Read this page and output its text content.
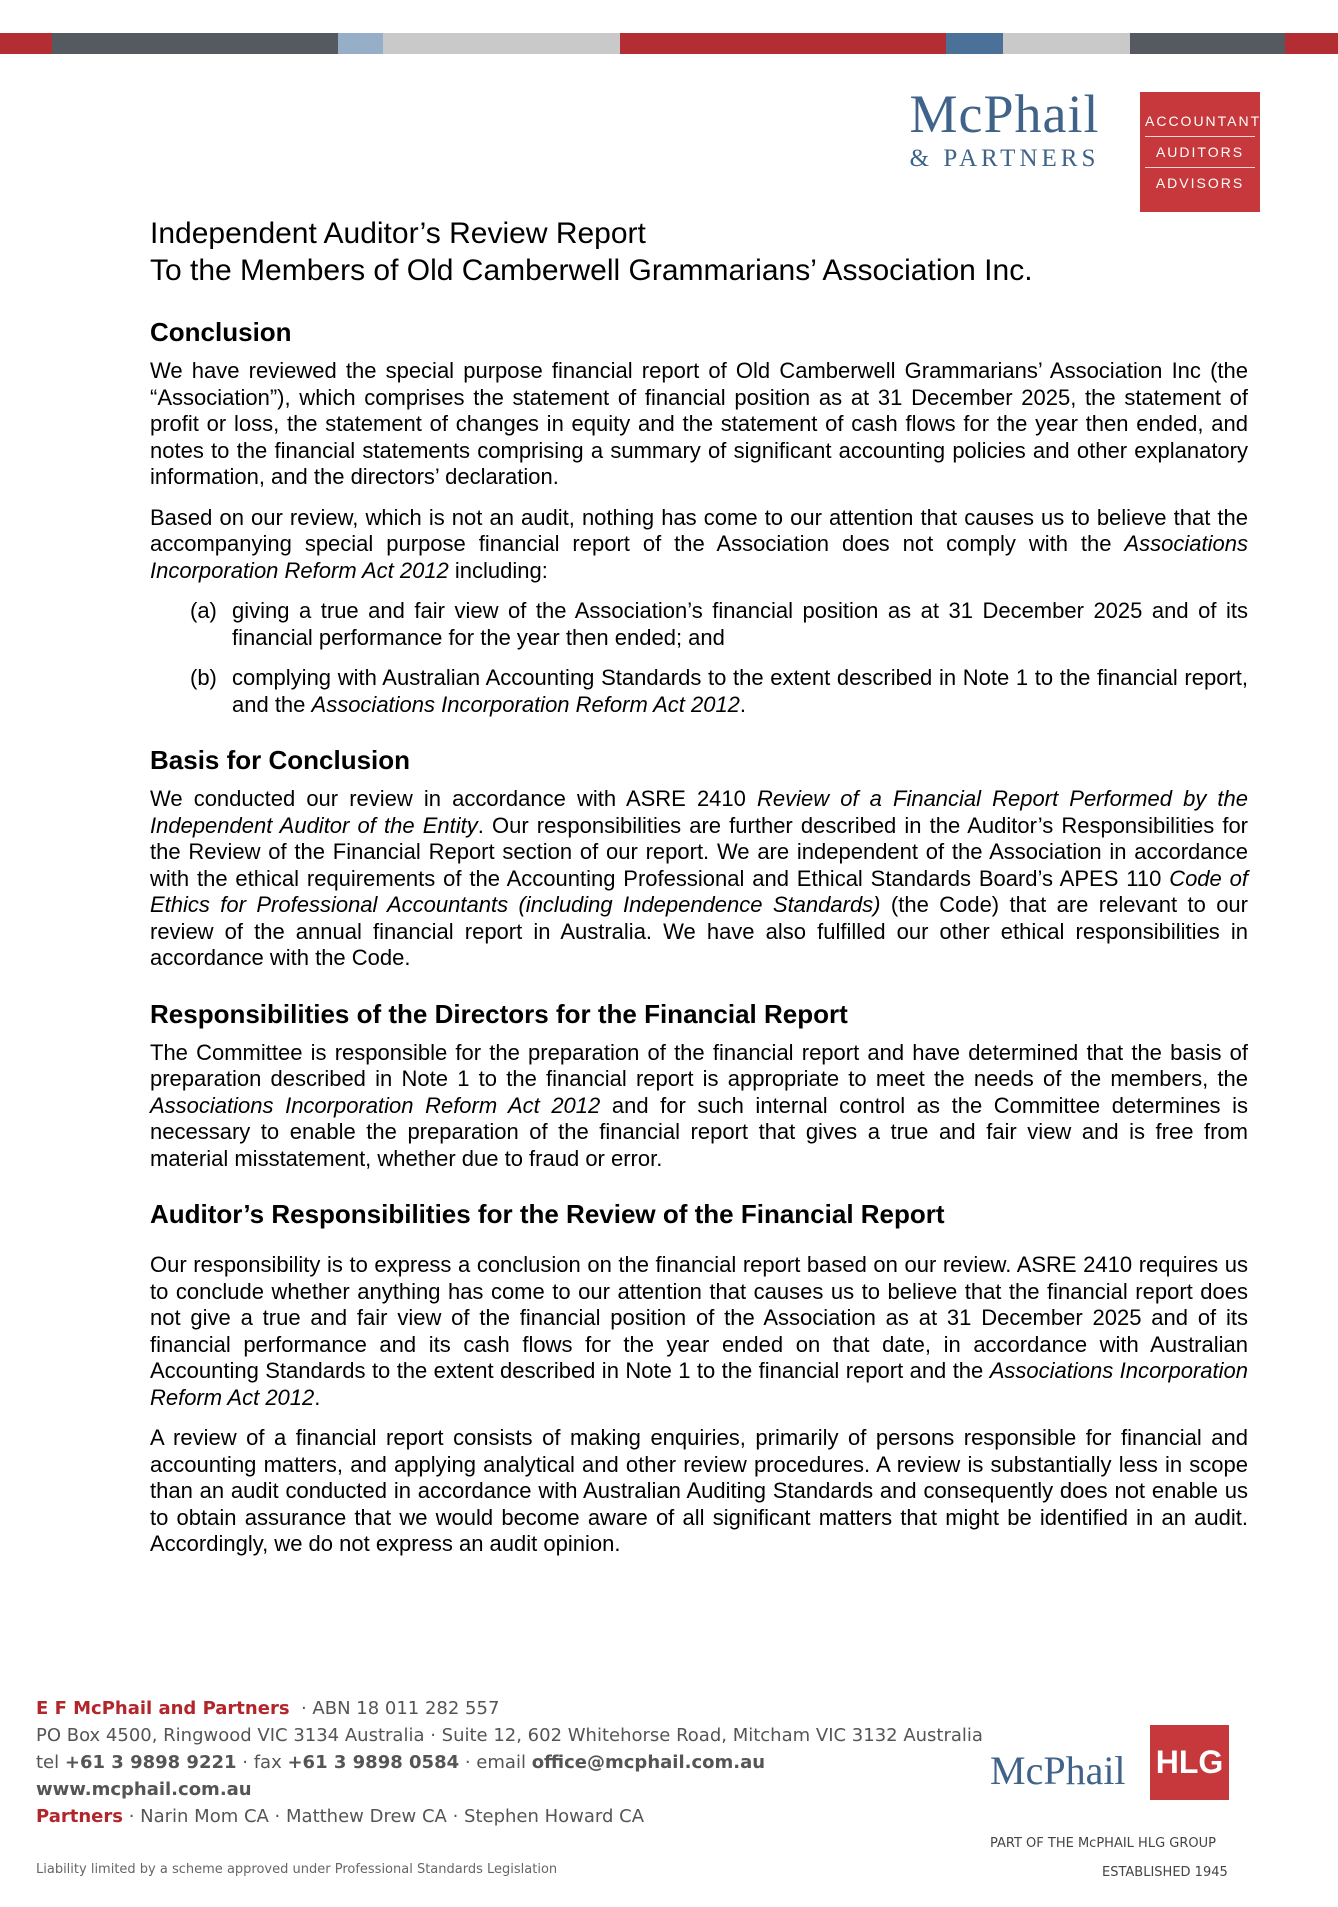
McPhail
& PARTNERS
ACCOUNTANTS
AUDITORS
ADVISORS
Independent Auditor’s Review Report
To the Members of Old Camberwell Grammarians’ Association Inc.
Conclusion

We have reviewed the special purpose financial report of Old Camberwell Grammarians’ Association Inc (the “Association”), which comprises the statement of financial position as at 31 December 2025, the statement of profit or loss, the statement of changes in equity and the statement of cash flows for the year then ended, and notes to the financial statements comprising a summary of significant accounting policies and other explanatory information, and the directors’ declaration.

Based on our review, which is not an audit, nothing has come to our attention that causes us to believe that the accompanying special purpose financial report of the Association does not comply with the Associations Incorporation Reform Act 2012 including:

(a) giving a true and fair view of the Association’s financial position as at 31 December 2025 and of its financial performance for the year then ended; and
(b) complying with Australian Accounting Standards to the extent described in Note 1 to the financial report, and the Associations Incorporation Reform Act 2012.
Basis for Conclusion

We conducted our review in accordance with ASRE 2410 Review of a Financial Report Performed by the Independent Auditor of the Entity. Our responsibilities are further described in the Auditor’s Responsibilities for the Review of the Financial Report section of our report. We are independent of the Association in accordance with the ethical requirements of the Accounting Professional and Ethical Standards Board’s APES 110 Code of Ethics for Professional Accountants (including Independence Standards) (the Code) that are relevant to our review of the annual financial report in Australia. We have also fulfilled our other ethical responsibilities in accordance with the Code.

Responsibilities of the Directors for the Financial Report

The Committee is responsible for the preparation of the financial report and have determined that the basis of preparation described in Note 1 to the financial report is appropriate to meet the needs of the members, the Associations Incorporation Reform Act 2012 and for such internal control as the Committee determines is necessary to enable the preparation of the financial report that gives a true and fair view and is free from material misstatement, whether due to fraud or error.

Auditor’s Responsibilities for the Review of the Financial Report

Our responsibility is to express a conclusion on the financial report based on our review. ASRE 2410 requires us to conclude whether anything has come to our attention that causes us to believe that the financial report does not give a true and fair view of the financial position of the Association as at 31 December 2025 and of its financial performance and its cash flows for the year ended on that date, in accordance with Australian Accounting Standards to the extent described in Note 1 to the financial report and the Associations Incorporation Reform Act 2012.

A review of a financial report consists of making enquiries, primarily of persons responsible for financial and accounting matters, and applying analytical and other review procedures. A review is substantially less in scope than an audit conducted in accordance with Australian Auditing Standards and consequently does not enable us to obtain assurance that we would become aware of all significant matters that might be identified in an audit. Accordingly, we do not express an audit opinion.

E F McPhail and Partners · ABN 18 011 282 557
PO Box 4500, Ringwood VIC 3134 Australia · Suite 12, 602 Whitehorse Road, Mitcham VIC 3132 Australia
tel +61 3 9898 9221 · fax +61 3 9898 0584 · email office@mcphail.com.au
www.mcphail.com.au
Partners · Narin Mom CA · Matthew Drew CA · Stephen Howard CA
Liability limited by a scheme approved under Professional Standards Legislation
McPhail HLG
PART OF THE McPHAIL HLG GROUP
ESTABLISHED 1945
